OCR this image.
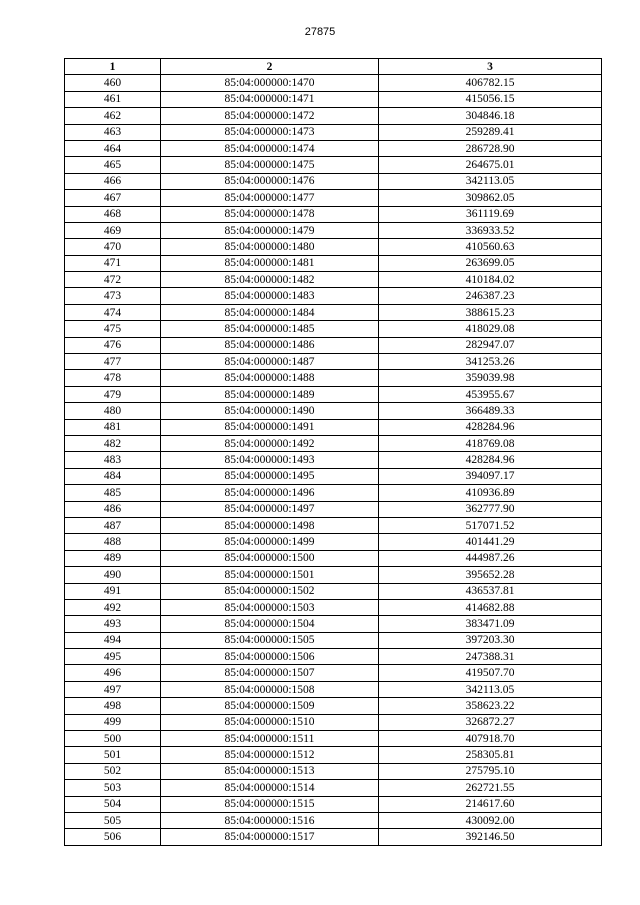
27875
1	2	3
460	85:04:000000:1470	406782.15
461	85:04:000000:1471	415056.15
462	85:04:000000:1472	304846.18
463	85:04:000000:1473	259289.41
464	85:04:000000:1474	286728.90
465	85:04:000000:1475	264675.01
466	85:04:000000:1476	342113.05
467	85:04:000000:1477	309862.05
468	85:04:000000:1478	361119.69
469	85:04:000000:1479	336933.52
470	85:04:000000:1480	410560.63
471	85:04:000000:1481	263699.05
472	85:04:000000:1482	410184.02
473	85:04:000000:1483	246387.23
474	85:04:000000:1484	388615.23
475	85:04:000000:1485	418029.08
476	85:04:000000:1486	282947.07
477	85:04:000000:1487	341253.26
478	85:04:000000:1488	359039.98
479	85:04:000000:1489	453955.67
480	85:04:000000:1490	366489.33
481	85:04:000000:1491	428284.96
482	85:04:000000:1492	418769.08
483	85:04:000000:1493	428284.96
484	85:04:000000:1495	394097.17
485	85:04:000000:1496	410936.89
486	85:04:000000:1497	362777.90
487	85:04:000000:1498	517071.52
488	85:04:000000:1499	401441.29
489	85:04:000000:1500	444987.26
490	85:04:000000:1501	395652.28
491	85:04:000000:1502	436537.81
492	85:04:000000:1503	414682.88
493	85:04:000000:1504	383471.09
494	85:04:000000:1505	397203.30
495	85:04:000000:1506	247388.31
496	85:04:000000:1507	419507.70
497	85:04:000000:1508	342113.05
498	85:04:000000:1509	358623.22
499	85:04:000000:1510	326872.27
500	85:04:000000:1511	407918.70
501	85:04:000000:1512	258305.81
502	85:04:000000:1513	275795.10
503	85:04:000000:1514	262721.55
504	85:04:000000:1515	214617.60
505	85:04:000000:1516	430092.00
506	85:04:000000:1517	392146.50
